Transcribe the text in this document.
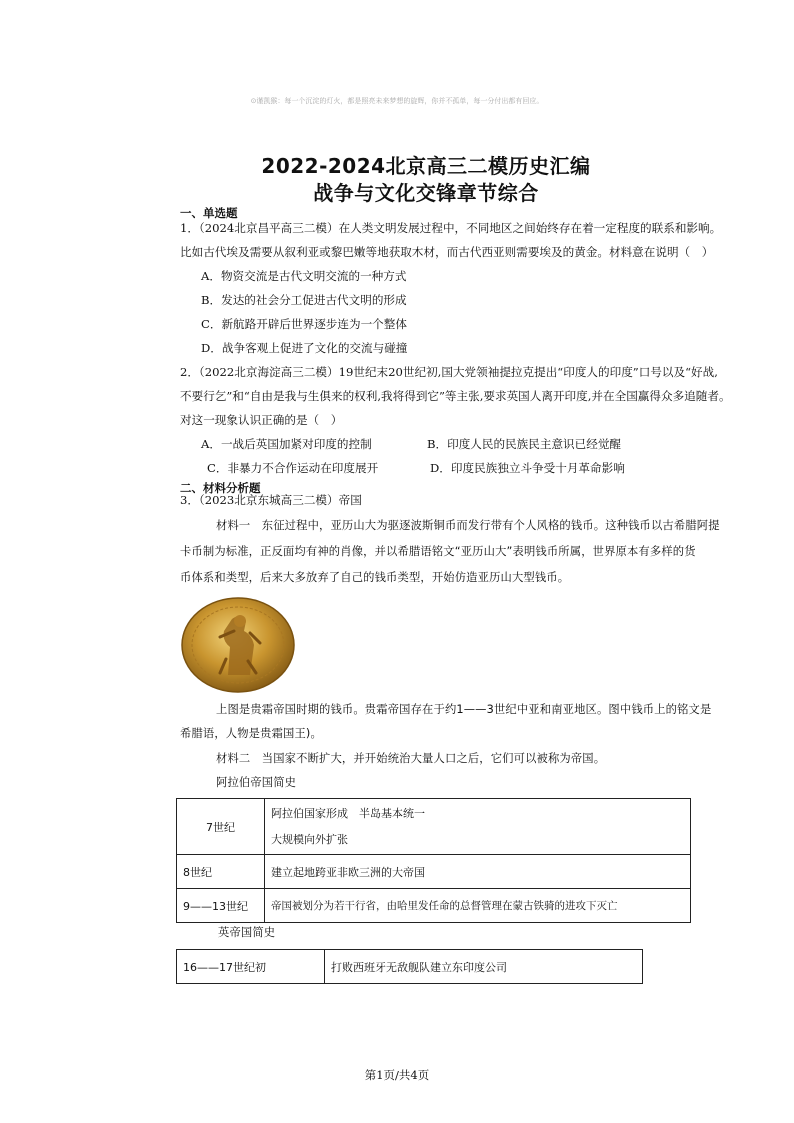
⊙谨凯猴：每一个沉淀的灯火，都是照亮未来梦想的旋辉，你并不孤单，每一分付出都有回应。
2022-2024北京高三二模历史汇编
战争与文化交锋章节综合
一、单选题
1．（2024北京昌平高三二模）在人类文明发展过程中，不同地区之间始终存在着一定程度的联系和影响。
比如古代埃及需要从叙利亚或黎巴嫩等地获取木材，而古代西亚则需要埃及的黄金。材料意在说明（　）
A．物资交流是古代文明交流的一种方式
B．发达的社会分工促进古代文明的形成
C．新航路开辟后世界逐步连为一个整体
D．战争客观上促进了文化的交流与碰撞
2．（2022北京海淀高三二模）19世纪末20世纪初,国大党领袖提拉克提出“印度人的印度”口号以及“好战,
不要行乞”和“自由是我与生俱来的权利,我将得到它”等主张,要求英国人离开印度,并在全国赢得众多追随者。
对这一现象认识正确的是（　）
A．一战后英国加紧对印度的控制	B．印度人民的民族民主意识已经觉醒
C．非暴力不合作运动在印度展开	D．印度民族独立斗争受十月革命影响
二、材料分析题
3．（2023北京东城高三二模）帝国
材料一　东征过程中，亚历山大为驱逐波斯铜币而发行带有个人风格的钱币。这种钱币以古希腊阿提
卡币制为标准，正反面均有神的肖像，并以希腊语铭文“亚历山大”表明钱币所属，世界原本有多样的货
币体系和类型，后来大多放弃了自己的钱币类型，开始仿造亚历山大型钱币。
上图是贵霜帝国时期的钱币。贵霜帝国存在于约1——3世纪中亚和南亚地区。图中钱币上的铭文是
希腊语，人物是贵霜国王)。
材料二　当国家不断扩大，并开始统治大量人口之后，它们可以被称为帝国。
阿拉伯帝国简史
7世纪	阿拉伯国家形成　半岛基本统一
大规模向外扩张

8世纪	建立起地跨亚非欧三洲的大帝国
9——13世纪	帝国被划分为若干行省，由哈里发任命的总督管理在蒙古铁骑的进攻下灭亡
英帝国简史
16——17世纪初	打败西班牙无敌舰队建立东印度公司
第1页/共4页
